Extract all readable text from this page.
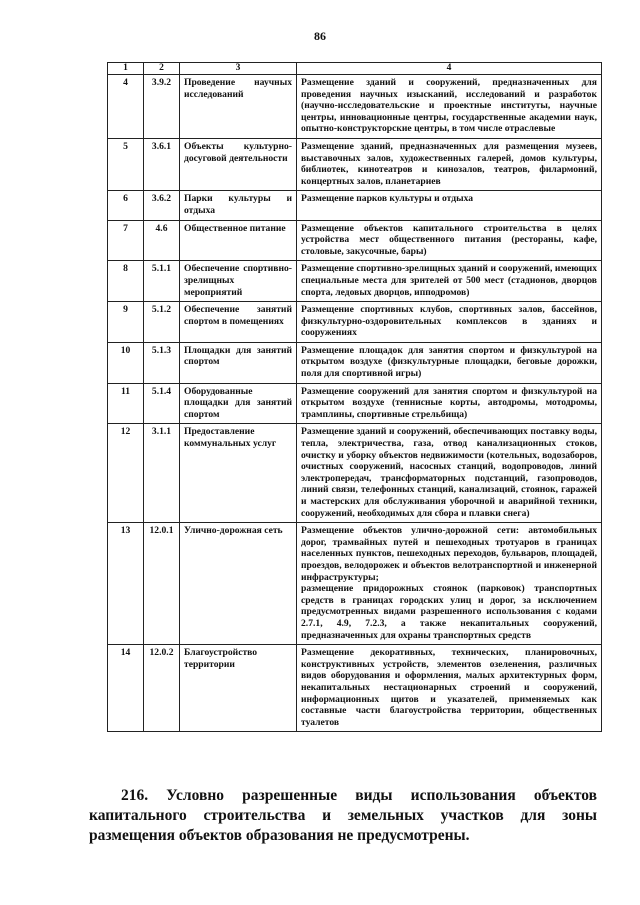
86
1	2	3	4
4	3.9.2	Проведение научных исследований	Размещение зданий и сооружений, предназначенных для проведения научных изысканий, исследований и разработок (научно-исследовательские и проектные институты, научные центры, инновационные центры, государственные академии наук, опытно-конструкторские центры, в том числе отраслевые

5	3.6.1	Объекты культурно-досуговой деятельности	Размещение зданий, предназначенных для размещения музеев, выставочных залов, художественных галерей, домов культуры, библиотек, кинотеатров и кинозалов, театров, филармоний, концертных залов, планетариев

6	3.6.2	Парки культуры и отдыха	Размещение парков культуры и отдыха

7	4.6	Общественное питание	Размещение объектов капитального строительства в целях устройства мест общественного питания (рестораны, кафе, столовые, закусочные, бары)

8	5.1.1	Обеспечение спортивно-зрелищных мероприятий	Размещение спортивно-зрелищных зданий и сооружений, имеющих специальные места для зрителей от 500 мест (стадионов, дворцов спорта, ледовых дворцов, ипподромов)

9	5.1.2	Обеспечение занятий спортом в помещениях	Размещение спортивных клубов, спортивных залов, бассейнов, физкультурно-оздоровительных комплексов в зданиях и сооружениях

10	5.1.3	Площадки для занятий спортом	Размещение площадок для занятия спортом и физкультурой на открытом воздухе (физкультурные площадки, беговые дорожки, поля для спортивной игры)

11	5.1.4	Оборудованные площадки для занятий спортом	Размещение сооружений для занятия спортом и физкультурой на открытом воздухе (теннисные корты, автодромы, мотодромы, трамплины, спортивные стрельбища)

12	3.1.1	Предоставление коммунальных услуг	Размещение зданий и сооружений, обеспечивающих поставку воды, тепла, электричества, газа, отвод канализационных стоков, очистку и уборку объектов недвижимости (котельных, водозаборов, очистных сооружений, насосных станций, водопроводов, линий электропередач, трансформаторных подстанций, газопроводов, линий связи, телефонных станций, канализаций, стоянок, гаражей и мастерских для обслуживания уборочной и аварийной техники, сооружений, необходимых для сбора и плавки снега)

13	12.0.1	Улично-дорожная сеть	Размещение объектов улично-дорожной сети: автомобильных дорог, трамвайных путей и пешеходных тротуаров в границах населенных пунктов, пешеходных переходов, бульваров, площадей, проездов, велодорожек и объектов велотранспортной и инженерной инфраструктуры;
размещение придорожных стоянок (парковок) транспортных средств в границах городских улиц и дорог, за исключением предусмотренных видами разрешенного использования с кодами 2.7.1, 4.9, 7.2.3, а также некапитальных сооружений, предназначенных для охраны транспортных средств

14	12.0.2	Благоустройство территории	Размещение декоративных, технических, планировочных, конструктивных устройств, элементов озеленения, различных видов оборудования и оформления, малых архитектурных форм, некапитальных нестационарных строений и сооружений, информационных щитов и указателей, применяемых как составные части благоустройства территории, общественных туалетов

216. Условно разрешенные виды использования объектов капитального строительства и земельных участков для зоны размещения объектов образования не предусмотрены.
